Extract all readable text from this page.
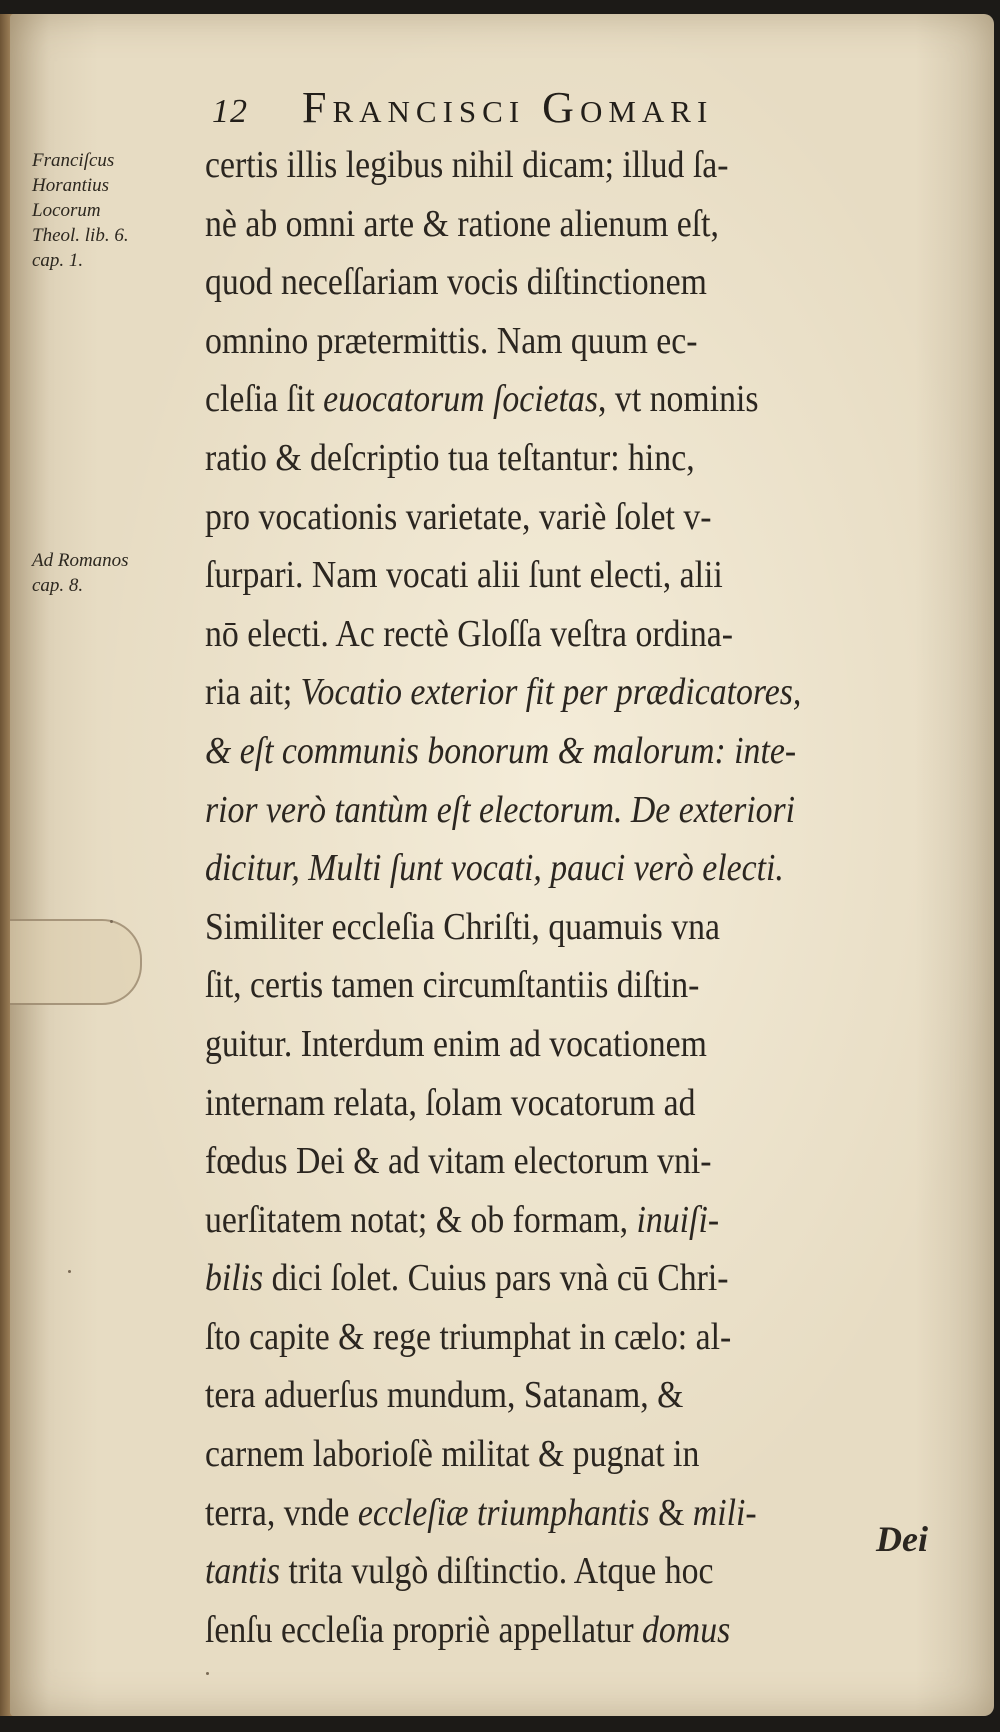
12 Francisci Gomari
Franciſcus
Horantius
Locorum
Theol. lib. 6.
cap. 1.
Ad Romanos
cap. 8.
certis illis legibus nihil dicam; illud ſa-
nè ab omni arte & ratione alienum eſt,
quod neceſſariam vocis diſtinctionem
omnino prætermittis. Nam quum ec-
cleſia ſit euocatorum ſocietas, vt nominis
ratio & deſcriptio tua teſtantur: hinc,
pro vocationis varietate, variè ſolet v-
ſurpari. Nam vocati alii ſunt electi, alii
nō electi. Ac rectè Gloſſa veſtra ordina-
ria ait; Vocatio exterior fit per prædicatores,
& eſt communis bonorum & malorum: inte-
rior verò tantùm eſt electorum. De exteriori
dicitur, Multi ſunt vocati, pauci verò electi.
Similiter eccleſia Chriſti, quamuis vna
ſit, certis tamen circumſtantiis diſtin-
guitur. Interdum enim ad vocationem
internam relata, ſolam vocatorum ad
fœdus Dei & ad vitam electorum vni-
uerſitatem notat; & ob formam, inuiſi-
bilis dici ſolet. Cuius pars vnà cū Chri-
ſto capite & rege triumphat in cælo: al-
tera aduerſus mundum, Satanam, &
carnem laborioſè militat & pugnat in
terra, vnde eccleſiæ triumphantis & mili-
tantis trita vulgò diſtinctio. Atque hoc
ſenſu eccleſia propriè appellatur domus
Dei
